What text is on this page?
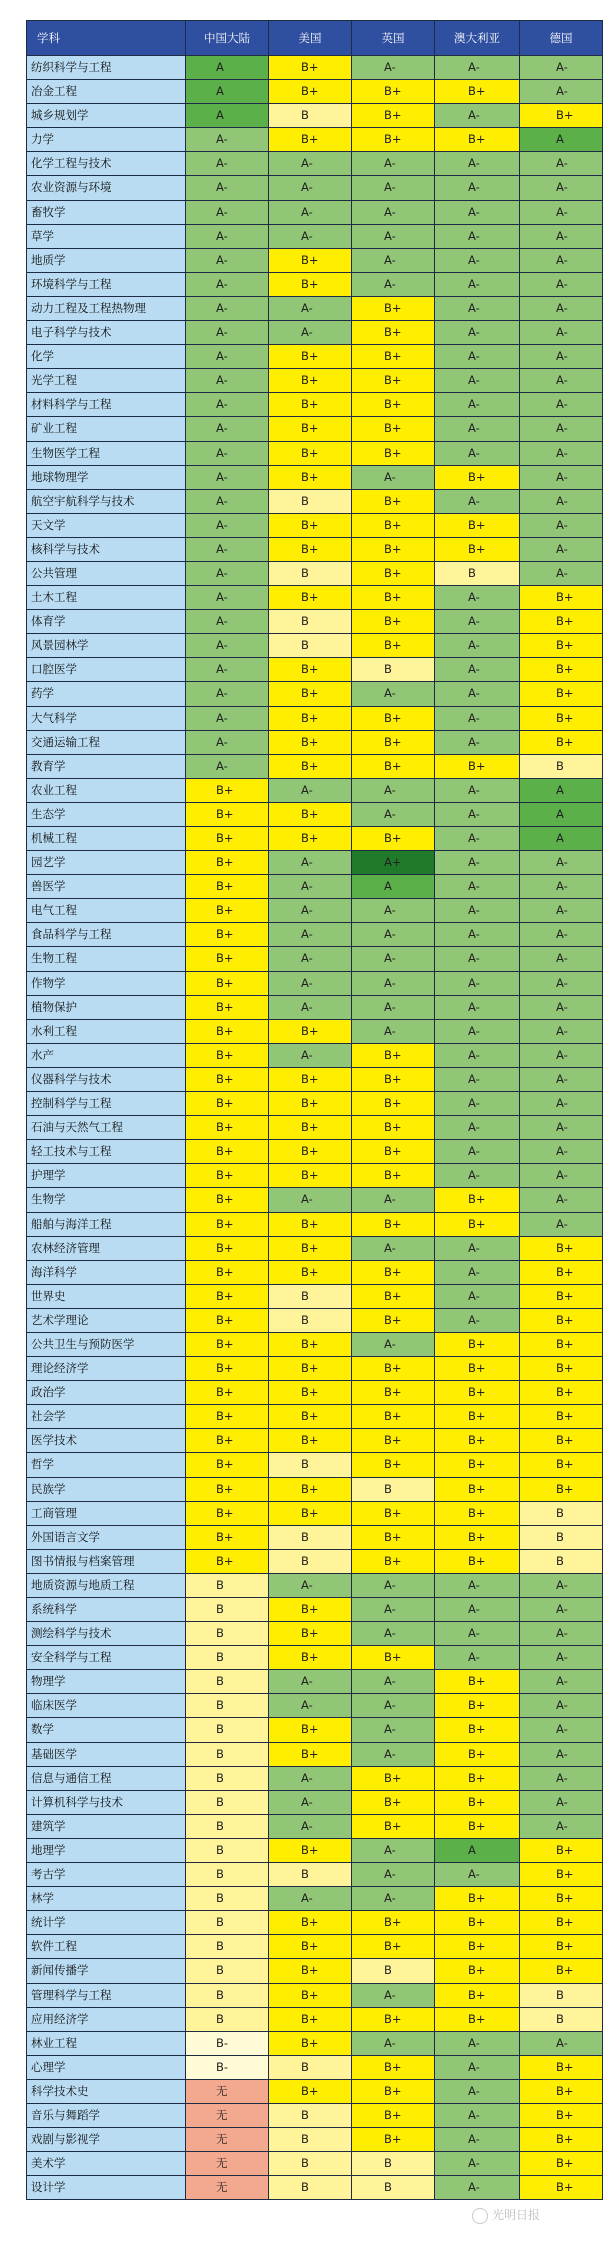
学科	中国大陆	美国	英国	澳大利亚	德国
纺织科学与工程	A	B+	A-	A-	A-
冶金工程	A	B+	B+	B+	A-
城乡规划学	A	B	B+	A-	B+
力学	A-	B+	B+	B+	A
化学工程与技术	A-	A-	A-	A-	A-
农业资源与环境	A-	A-	A-	A-	A-
畜牧学	A-	A-	A-	A-	A-
草学	A-	A-	A-	A-	A-
地质学	A-	B+	A-	A-	A-
环境科学与工程	A-	B+	A-	A-	A-
动力工程及工程热物理	A-	A-	B+	A-	A-
电子科学与技术	A-	A-	B+	A-	A-
化学	A-	B+	B+	A-	A-
光学工程	A-	B+	B+	A-	A-
材料科学与工程	A-	B+	B+	A-	A-
矿业工程	A-	B+	B+	A-	A-
生物医学工程	A-	B+	B+	A-	A-
地球物理学	A-	B+	A-	B+	A-
航空宇航科学与技术	A-	B	B+	A-	A-
天文学	A-	B+	B+	B+	A-
核科学与技术	A-	B+	B+	B+	A-
公共管理	A-	B	B+	B	A-
土木工程	A-	B+	B+	A-	B+
体育学	A-	B	B+	A-	B+
风景园林学	A-	B	B+	A-	B+
口腔医学	A-	B+	B	A-	B+
药学	A-	B+	A-	A-	B+
大气科学	A-	B+	B+	A-	B+
交通运输工程	A-	B+	B+	A-	B+
教育学	A-	B+	B+	B+	B
农业工程	B+	A-	A-	A-	A
生态学	B+	B+	A-	A-	A
机械工程	B+	B+	B+	A-	A
园艺学	B+	A-	A+	A-	A-
兽医学	B+	A-	A	A-	A-
电气工程	B+	A-	A-	A-	A-
食品科学与工程	B+	A-	A-	A-	A-
生物工程	B+	A-	A-	A-	A-
作物学	B+	A-	A-	A-	A-
植物保护	B+	A-	A-	A-	A-
水利工程	B+	B+	A-	A-	A-
水产	B+	A-	B+	A-	A-
仪器科学与技术	B+	B+	B+	A-	A-
控制科学与工程	B+	B+	B+	A-	A-
石油与天然气工程	B+	B+	B+	A-	A-
轻工技术与工程	B+	B+	B+	A-	A-
护理学	B+	B+	B+	A-	A-
生物学	B+	A-	A-	B+	A-
船舶与海洋工程	B+	B+	B+	B+	A-
农林经济管理	B+	B+	A-	A-	B+
海洋科学	B+	B+	B+	A-	B+
世界史	B+	B	B+	A-	B+
艺术学理论	B+	B	B+	A-	B+
公共卫生与预防医学	B+	B+	A-	B+	B+
理论经济学	B+	B+	B+	B+	B+
政治学	B+	B+	B+	B+	B+
社会学	B+	B+	B+	B+	B+
医学技术	B+	B+	B+	B+	B+
哲学	B+	B	B+	B+	B+
民族学	B+	B+	B	B+	B+
工商管理	B+	B+	B+	B+	B
外国语言文学	B+	B	B+	B+	B
图书情报与档案管理	B+	B	B+	B+	B
地质资源与地质工程	B	A-	A-	A-	A-
系统科学	B	B+	A-	A-	A-
测绘科学与技术	B	B+	A-	A-	A-
安全科学与工程	B	B+	B+	A-	A-
物理学	B	A-	A-	B+	A-
临床医学	B	A-	A-	B+	A-
数学	B	B+	A-	B+	A-
基础医学	B	B+	A-	B+	A-
信息与通信工程	B	A-	B+	B+	A-
计算机科学与技术	B	A-	B+	B+	A-
建筑学	B	A-	B+	B+	A-
地理学	B	B+	A-	A	B+
考古学	B	B	A-	A-	B+
林学	B	A-	A-	B+	B+
统计学	B	B+	B+	B+	B+
软件工程	B	B+	B+	B+	B+
新闻传播学	B	B+	B	B+	B+
管理科学与工程	B	B+	A-	B+	B
应用经济学	B	B+	B+	B+	B
林业工程	B-	B+	A-	A-	A-
心理学	B-	B	B+	A-	B+
科学技术史	无	B+	B+	A-	B+
音乐与舞蹈学	无	B	B+	A-	B+
戏剧与影视学	无	B	B+	A-	B+
美术学	无	B	B	A-	B+
设计学	无	B	B	A-	B+
光明日报
